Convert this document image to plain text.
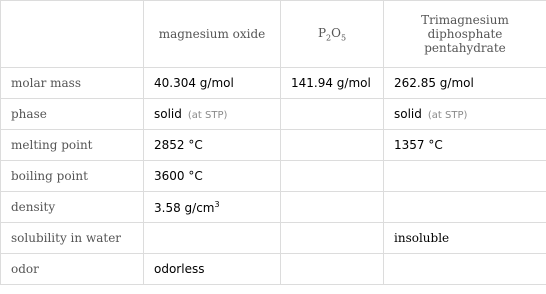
	magnesium oxide	$P_2O_5$	Trimagnesium
diphosphate
pentahydrate

molar mass	40.304 g/mol	141.94 g/mol	262.85 g/mol
phase	solid (at STP)		solid (at STP)
melting point	2852 °C		1357 °C
boiling point	3600 °C		
density	3.58 $g/cm^3$		
solubility in water			insoluble
odor	odorless		
